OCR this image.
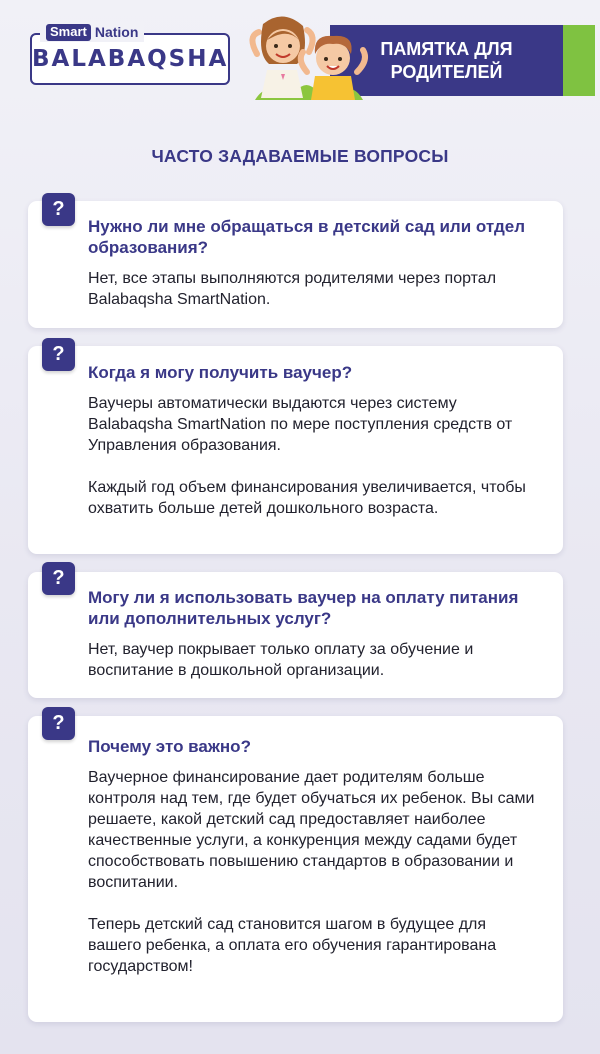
Smart Nation
BALABAQSHA	ПАМЯТКА ДЛЯ
РОДИТЕЛЕЙ
ЧАСТО ЗАДАВАЕМЫЕ ВОПРОСЫ
Нужно ли мне обращаться в детский сад или отдел образования?
Нет, все этапы выполняются родителями через портал Balabaqsha SmartNation.
?
Когда я могу получить ваучер?
Ваучеры автоматически выдаются через систему Balabaqsha SmartNation по мере поступления средств от Управления образования.
Каждый год объем финансирования увеличивается, чтобы охватить больше детей дошкольного возраста.
?
Могу ли я использовать ваучер на оплату питания или дополнительных услуг?
Нет, ваучер покрывает только оплату за обучение и воспитание в дошкольной организации.
?
Почему это важно?
Ваучерное финансирование дает родителям больше контроля над тем, где будет обучаться их ребенок. Вы сами решаете, какой детский сад предоставляет наиболее качественные услуги, а конкуренция между садами будет способствовать повышению стандартов в образовании и воспитании.
Теперь детский сад становится шагом в будущее для вашего ребенка, а оплата его обучения гарантирована государством!
?
